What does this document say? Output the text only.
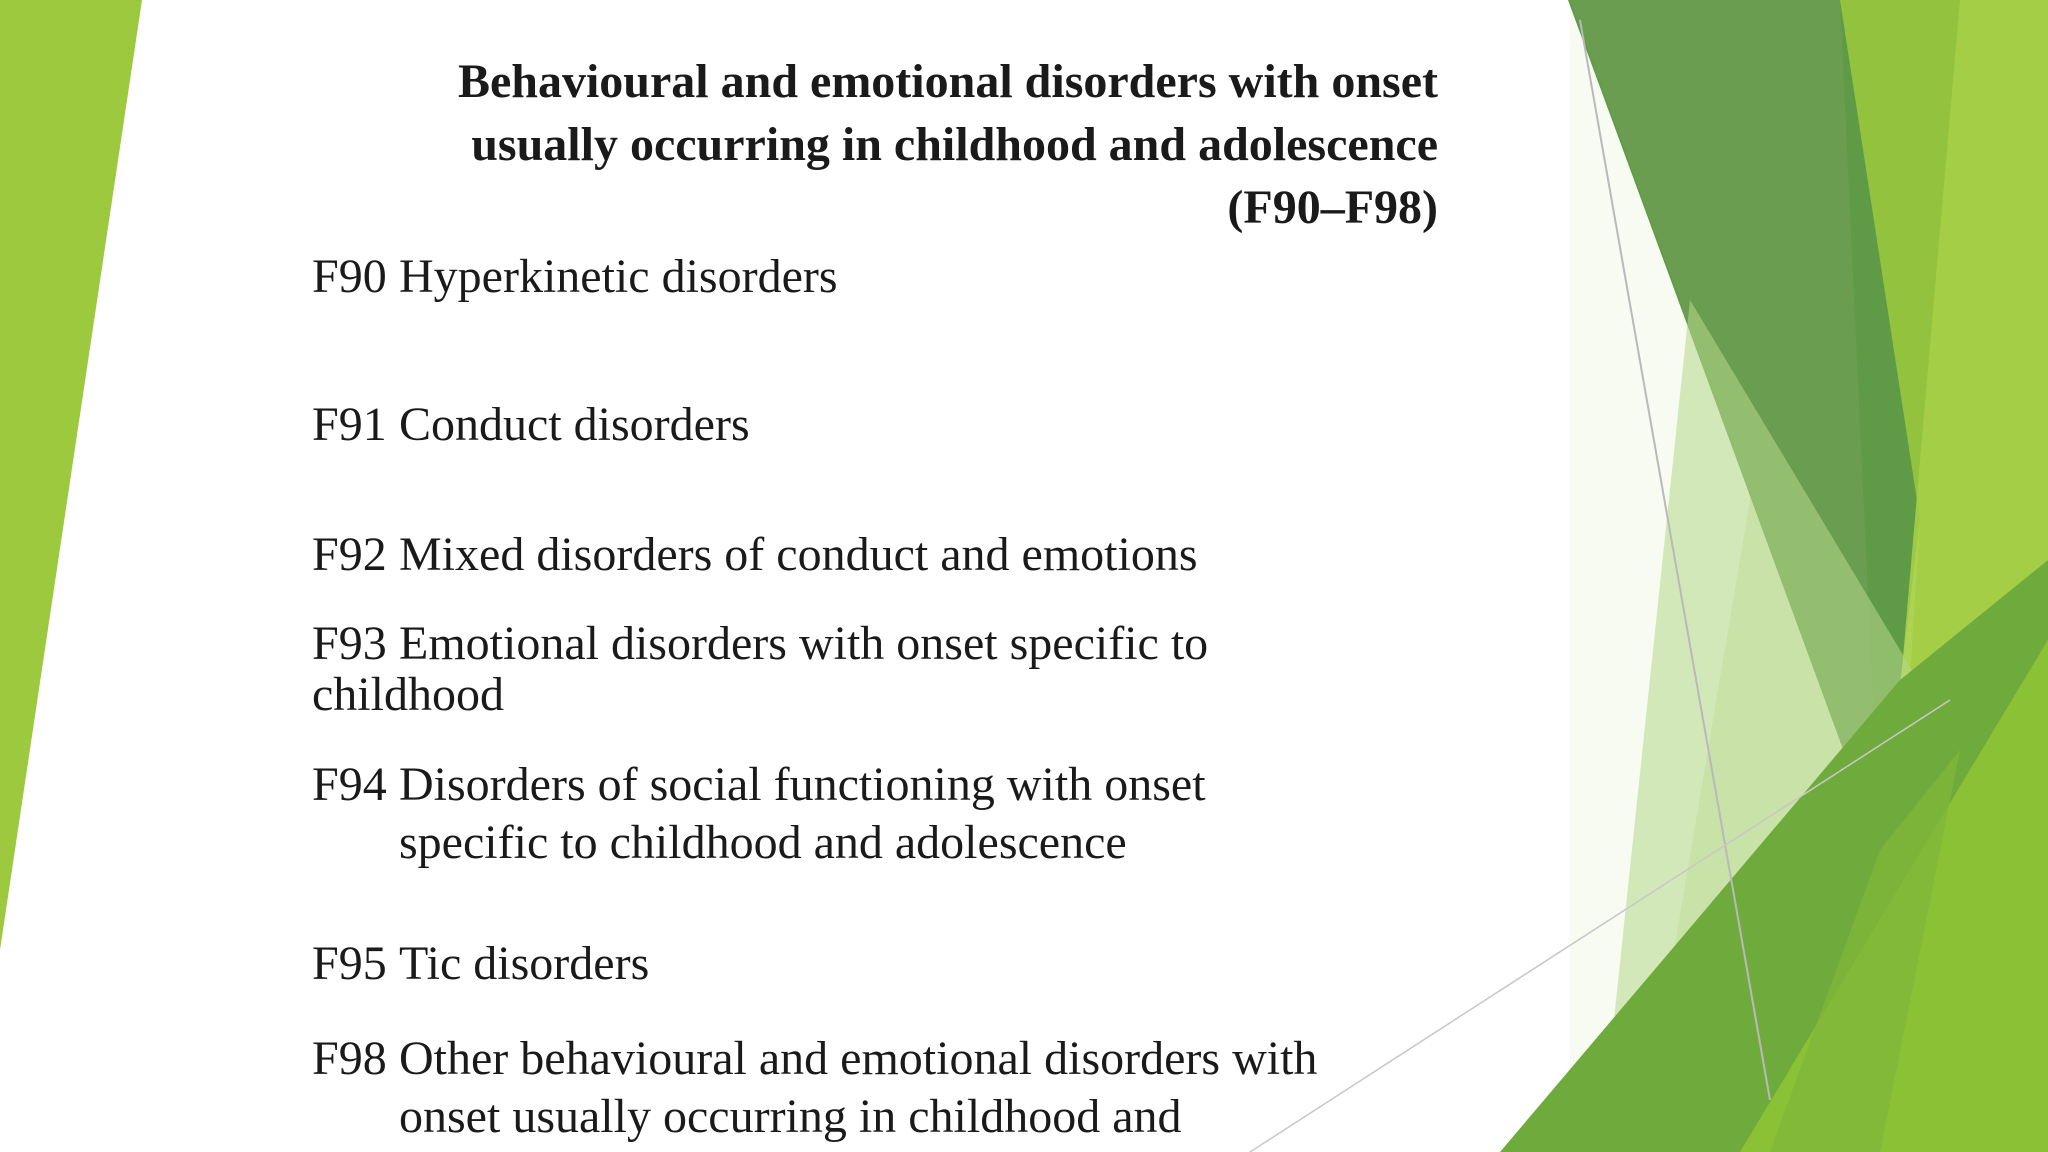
Behavioural and emotional disorders with onset
usually occurring in childhood and adolescence
(F90–F98)
F90 Hyperkinetic disorders
F91 Conduct disorders
F92 Mixed disorders of conduct and emotions
F93 Emotional disorders with onset specific to
childhood
F94 Disorders of social functioning with onset
specific to childhood and adolescence
F95 Tic disorders
F98 Other behavioural and emotional disorders with
onset usually occurring in childhood and
